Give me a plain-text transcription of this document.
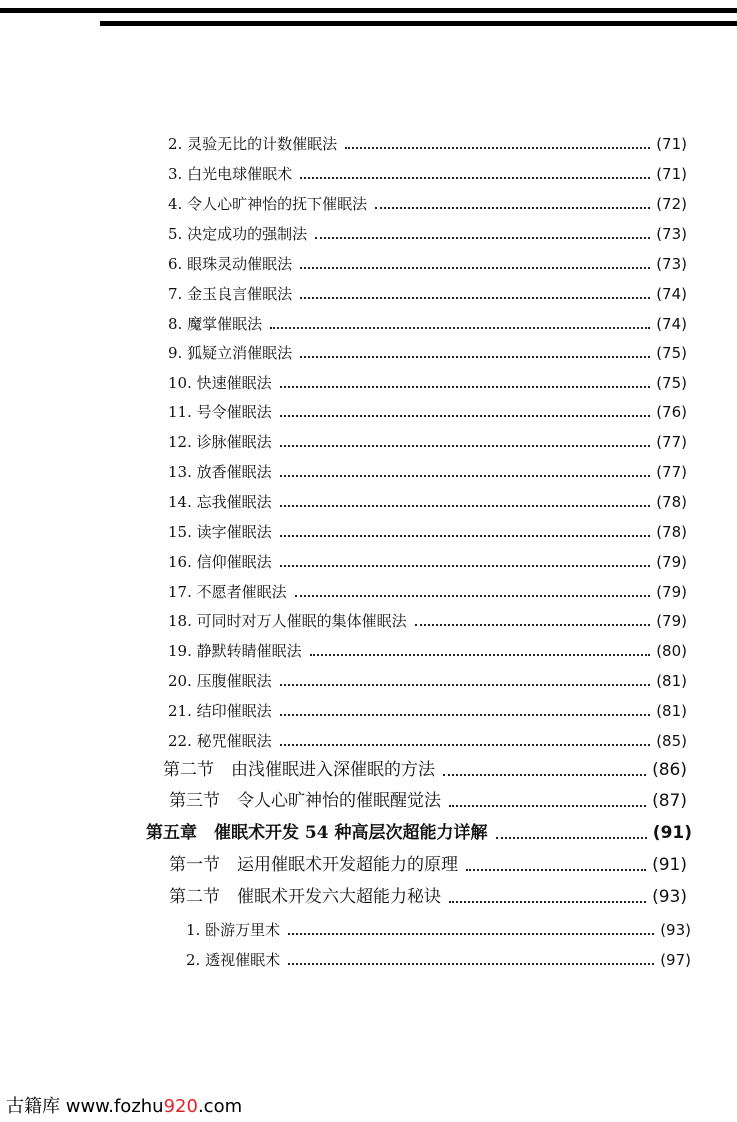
2. 灵验无比的计数催眠法	(71)
3. 白光电球催眠术	(71)
4. 令人心旷神怡的抚下催眠法	(72)
5. 决定成功的强制法	(73)
6. 眼珠灵动催眠法	(73)
7. 金玉良言催眠法	(74)
8. 魔掌催眠法	(74)
9. 狐疑立消催眠法	(75)
10. 快速催眠法	(75)
11. 号令催眠法	(76)
12. 诊脉催眠法	(77)
13. 放香催眠法	(77)
14. 忘我催眠法	(78)
15. 读字催眠法	(78)
16. 信仰催眠法	(79)
17. 不愿者催眠法	(79)
18. 可同时对万人催眠的集体催眠法	(79)
19. 静默转睛催眠法	(80)
20. 压腹催眠法	(81)
21. 结印催眠法	(81)
22. 秘咒催眠法	(85)
第二节　由浅催眠进入深催眠的方法	(86)
第三节　令人心旷神怡的催眠醒觉法	(87)
第五章　催眠术开发 54 种高层次超能力详解	(91)
第一节　运用催眠术开发超能力的原理	(91)
第二节　催眠术开发六大超能力秘诀	(93)
1. 卧游万里术	(93)
2. 透视催眠术	(97)
古籍库 www.fozhu920.com
